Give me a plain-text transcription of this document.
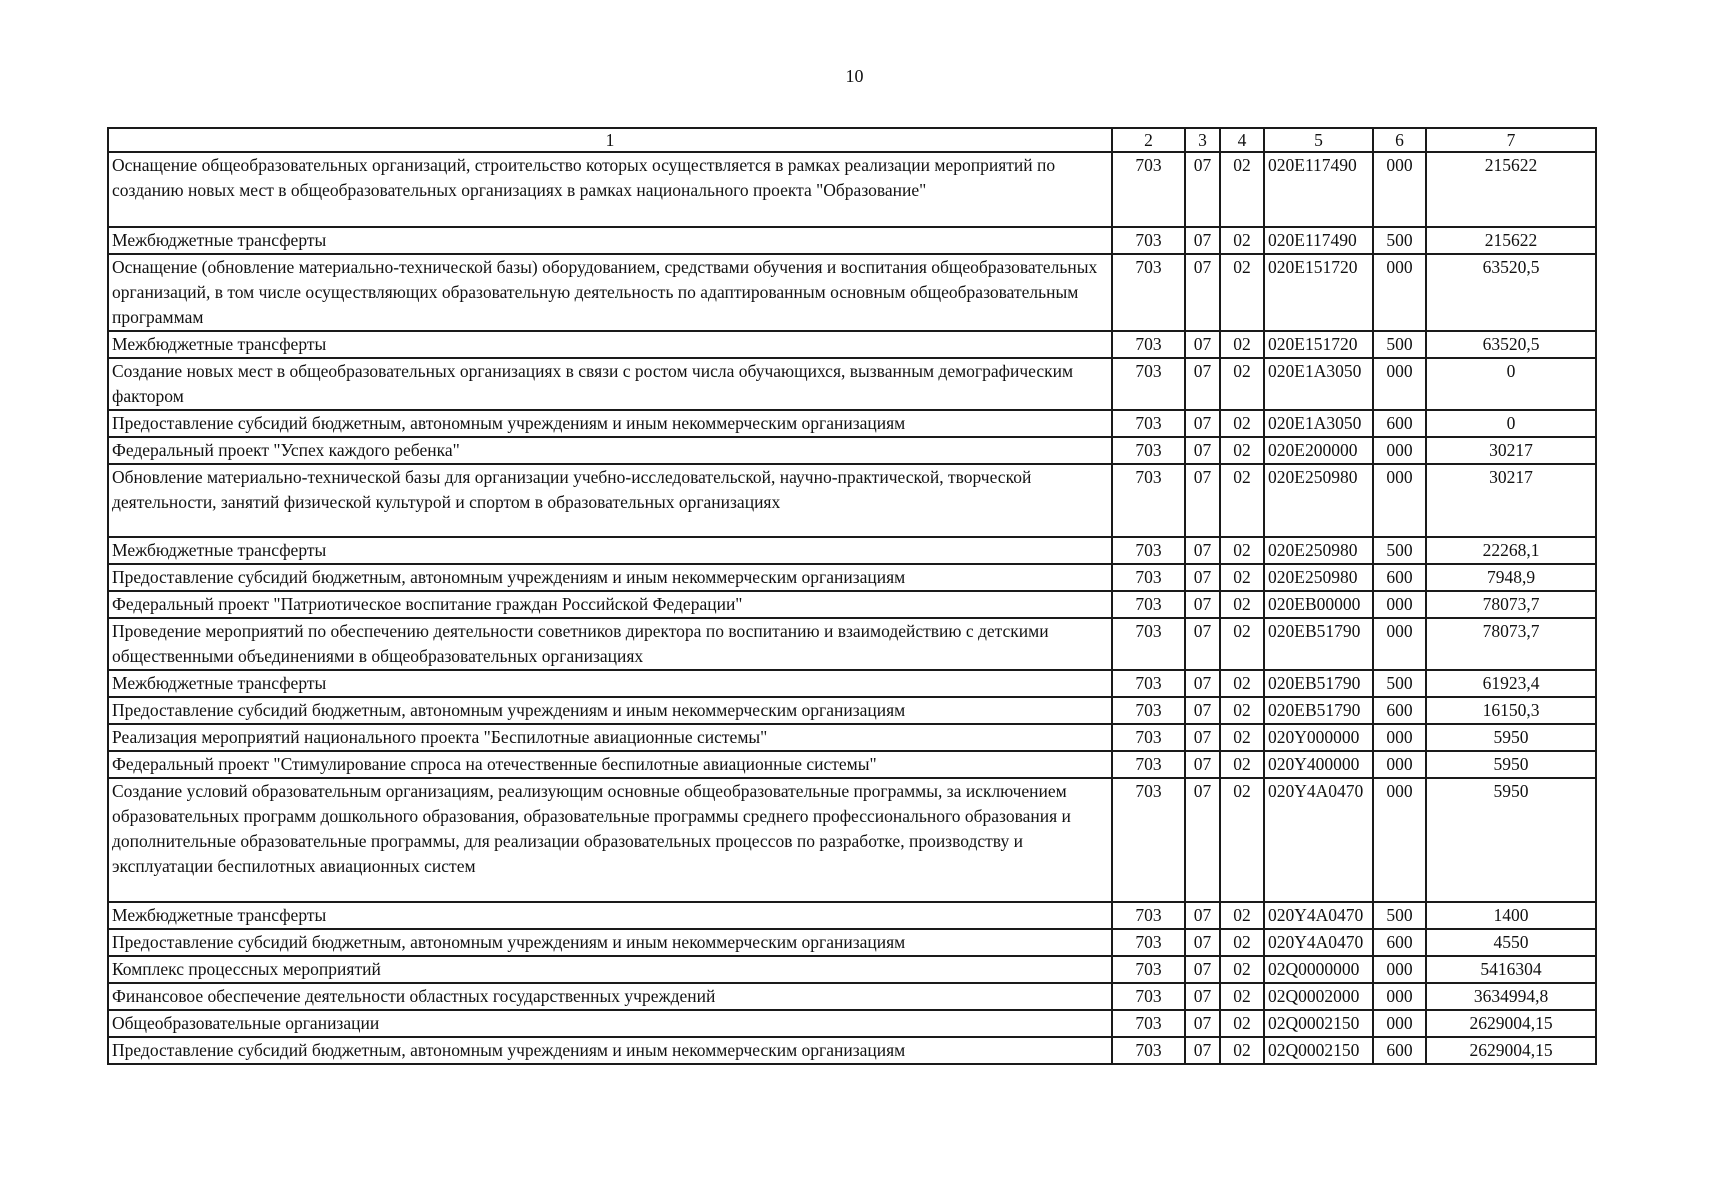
10
1	2	3	4	5	6	7
Оснащение общеобразовательных организаций, строительство которых осуществляется в рамках реализации мероприятий по созданию новых мест в общеобразовательных организациях в рамках национального проекта "Образование"	703	07	02	020E117490	000	215622
Межбюджетные трансферты	703	07	02	020E117490	500	215622
Оснащение (обновление материально-технической базы) оборудованием, средствами обучения и воспитания общеобразовательных организаций, в том числе осуществляющих образовательную деятельность по адаптированным основным общеобразовательным программам	703	07	02	020E151720	000	63520,5
Межбюджетные трансферты	703	07	02	020E151720	500	63520,5
Создание новых мест в общеобразовательных организациях в связи с ростом числа обучающихся, вызванным демографическим фактором	703	07	02	020E1A3050	000	0
Предоставление субсидий бюджетным, автономным учреждениям и иным некоммерческим организациям	703	07	02	020E1A3050	600	0
Федеральный проект "Успех каждого ребенка"	703	07	02	020E200000	000	30217
Обновление материально-технической базы для организации учебно-исследовательской, научно-практической, творческой деятельности, занятий физической культурой и спортом в образовательных организациях	703	07	02	020E250980	000	30217
Межбюджетные трансферты	703	07	02	020E250980	500	22268,1
Предоставление субсидий бюджетным, автономным учреждениям и иным некоммерческим организациям	703	07	02	020E250980	600	7948,9
Федеральный проект "Патриотическое воспитание граждан Российской Федерации"	703	07	02	020EB00000	000	78073,7
Проведение мероприятий по обеспечению деятельности советников директора по воспитанию и взаимодействию с детскими общественными объединениями в общеобразовательных организациях	703	07	02	020EB51790	000	78073,7
Межбюджетные трансферты	703	07	02	020EB51790	500	61923,4
Предоставление субсидий бюджетным, автономным учреждениям и иным некоммерческим организациям	703	07	02	020EB51790	600	16150,3
Реализация мероприятий национального проекта "Беспилотные авиационные системы"	703	07	02	020Y000000	000	5950
Федеральный проект "Стимулирование спроса на отечественные беспилотные авиационные системы"	703	07	02	020Y400000	000	5950
Создание условий образовательным организациям, реализующим основные общеобразовательные программы, за исключением образовательных программ дошкольного образования, образовательные программы среднего профессионального образования и дополнительные образовательные программы, для реализации образовательных процессов по разработке, производству и эксплуатации беспилотных авиационных систем	703	07	02	020Y4A0470	000	5950
Межбюджетные трансферты	703	07	02	020Y4A0470	500	1400
Предоставление субсидий бюджетным, автономным учреждениям и иным некоммерческим организациям	703	07	02	020Y4A0470	600	4550
Комплекс процессных мероприятий	703	07	02	02Q0000000	000	5416304
Финансовое обеспечение деятельности областных государственных учреждений	703	07	02	02Q0002000	000	3634994,8
Общеобразовательные организации	703	07	02	02Q0002150	000	2629004,15
Предоставление субсидий бюджетным, автономным учреждениям и иным некоммерческим организациям	703	07	02	02Q0002150	600	2629004,15
